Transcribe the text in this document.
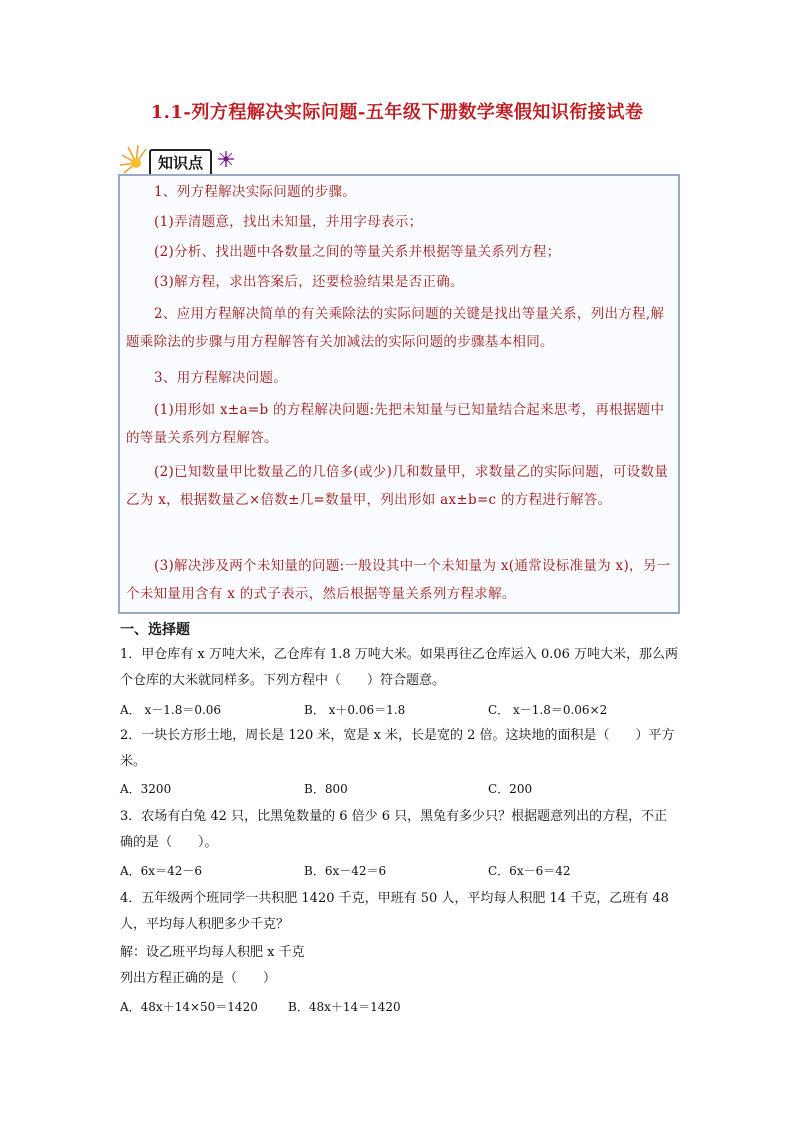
1.1-列方程解决实际问题-五年级下册数学寒假知识衔接试卷
知识点

1、列方程解决实际问题的步骤。

(1)弄清题意，找出未知量，并用字母表示；

(2)分析、找出题中各数量之间的等量关系并根据等量关系列方程；

(3)解方程，求出答案后，还要检验结果是否正确。

2、应用方程解决简单的有关乘除法的实际问题的关键是找出等量关系，列出方程,解题乘除法的步骤与用方程解答有关加减法的实际问题的步骤基本相同。

3、用方程解决问题。

(1)用形如 x±a=b 的方程解决问题:先把未知量与已知量结合起来思考，再根据题中的等量关系列方程解答。

(2)已知数量甲比数量乙的几倍多(或少)几和数量甲，求数量乙的实际问题，可设数量乙为 x，根据数量乙×倍数±几=数量甲，列出形如 ax±b=c 的方程进行解答。

(3)解决涉及两个未知量的问题:一般设其中一个未知量为 x(通常设标准量为 x)，另一个未知量用含有 x 的式子表示，然后根据等量关系列方程求解。

一、选择题

1．甲仓库有 x 万吨大米，乙仓库有 1.8 万吨大米。如果再往乙仓库运入 0.06 万吨大米，那么两个仓库的大米就同样多。下列方程中（　　）符合题意。

A． x－1.8＝0.06	B． x＋0.06＝1.8	C． x－1.8＝0.06×2

2．一块长方形土地，周长是 120 米，宽是 x 米，长是宽的 2 倍。这块地的面积是（　　）平方米。

A．3200	B．800	C．200

3．农场有白兔 42 只，比黑兔数量的 6 倍少 6 只，黑兔有多少只？根据题意列出的方程，不正确的是（　　）。

A．6x＝42－6	B．6x－42＝6	C．6x－6＝42

4．五年级两个班同学一共积肥 1420 千克，甲班有 50 人，平均每人积肥 14 千克，乙班有 48 人，平均每人积肥多少千克？

解：设乙班平均每人积肥 x 千克

列出方程正确的是（　　）

A．48x＋14×50＝1420	B．48x＋14＝1420
